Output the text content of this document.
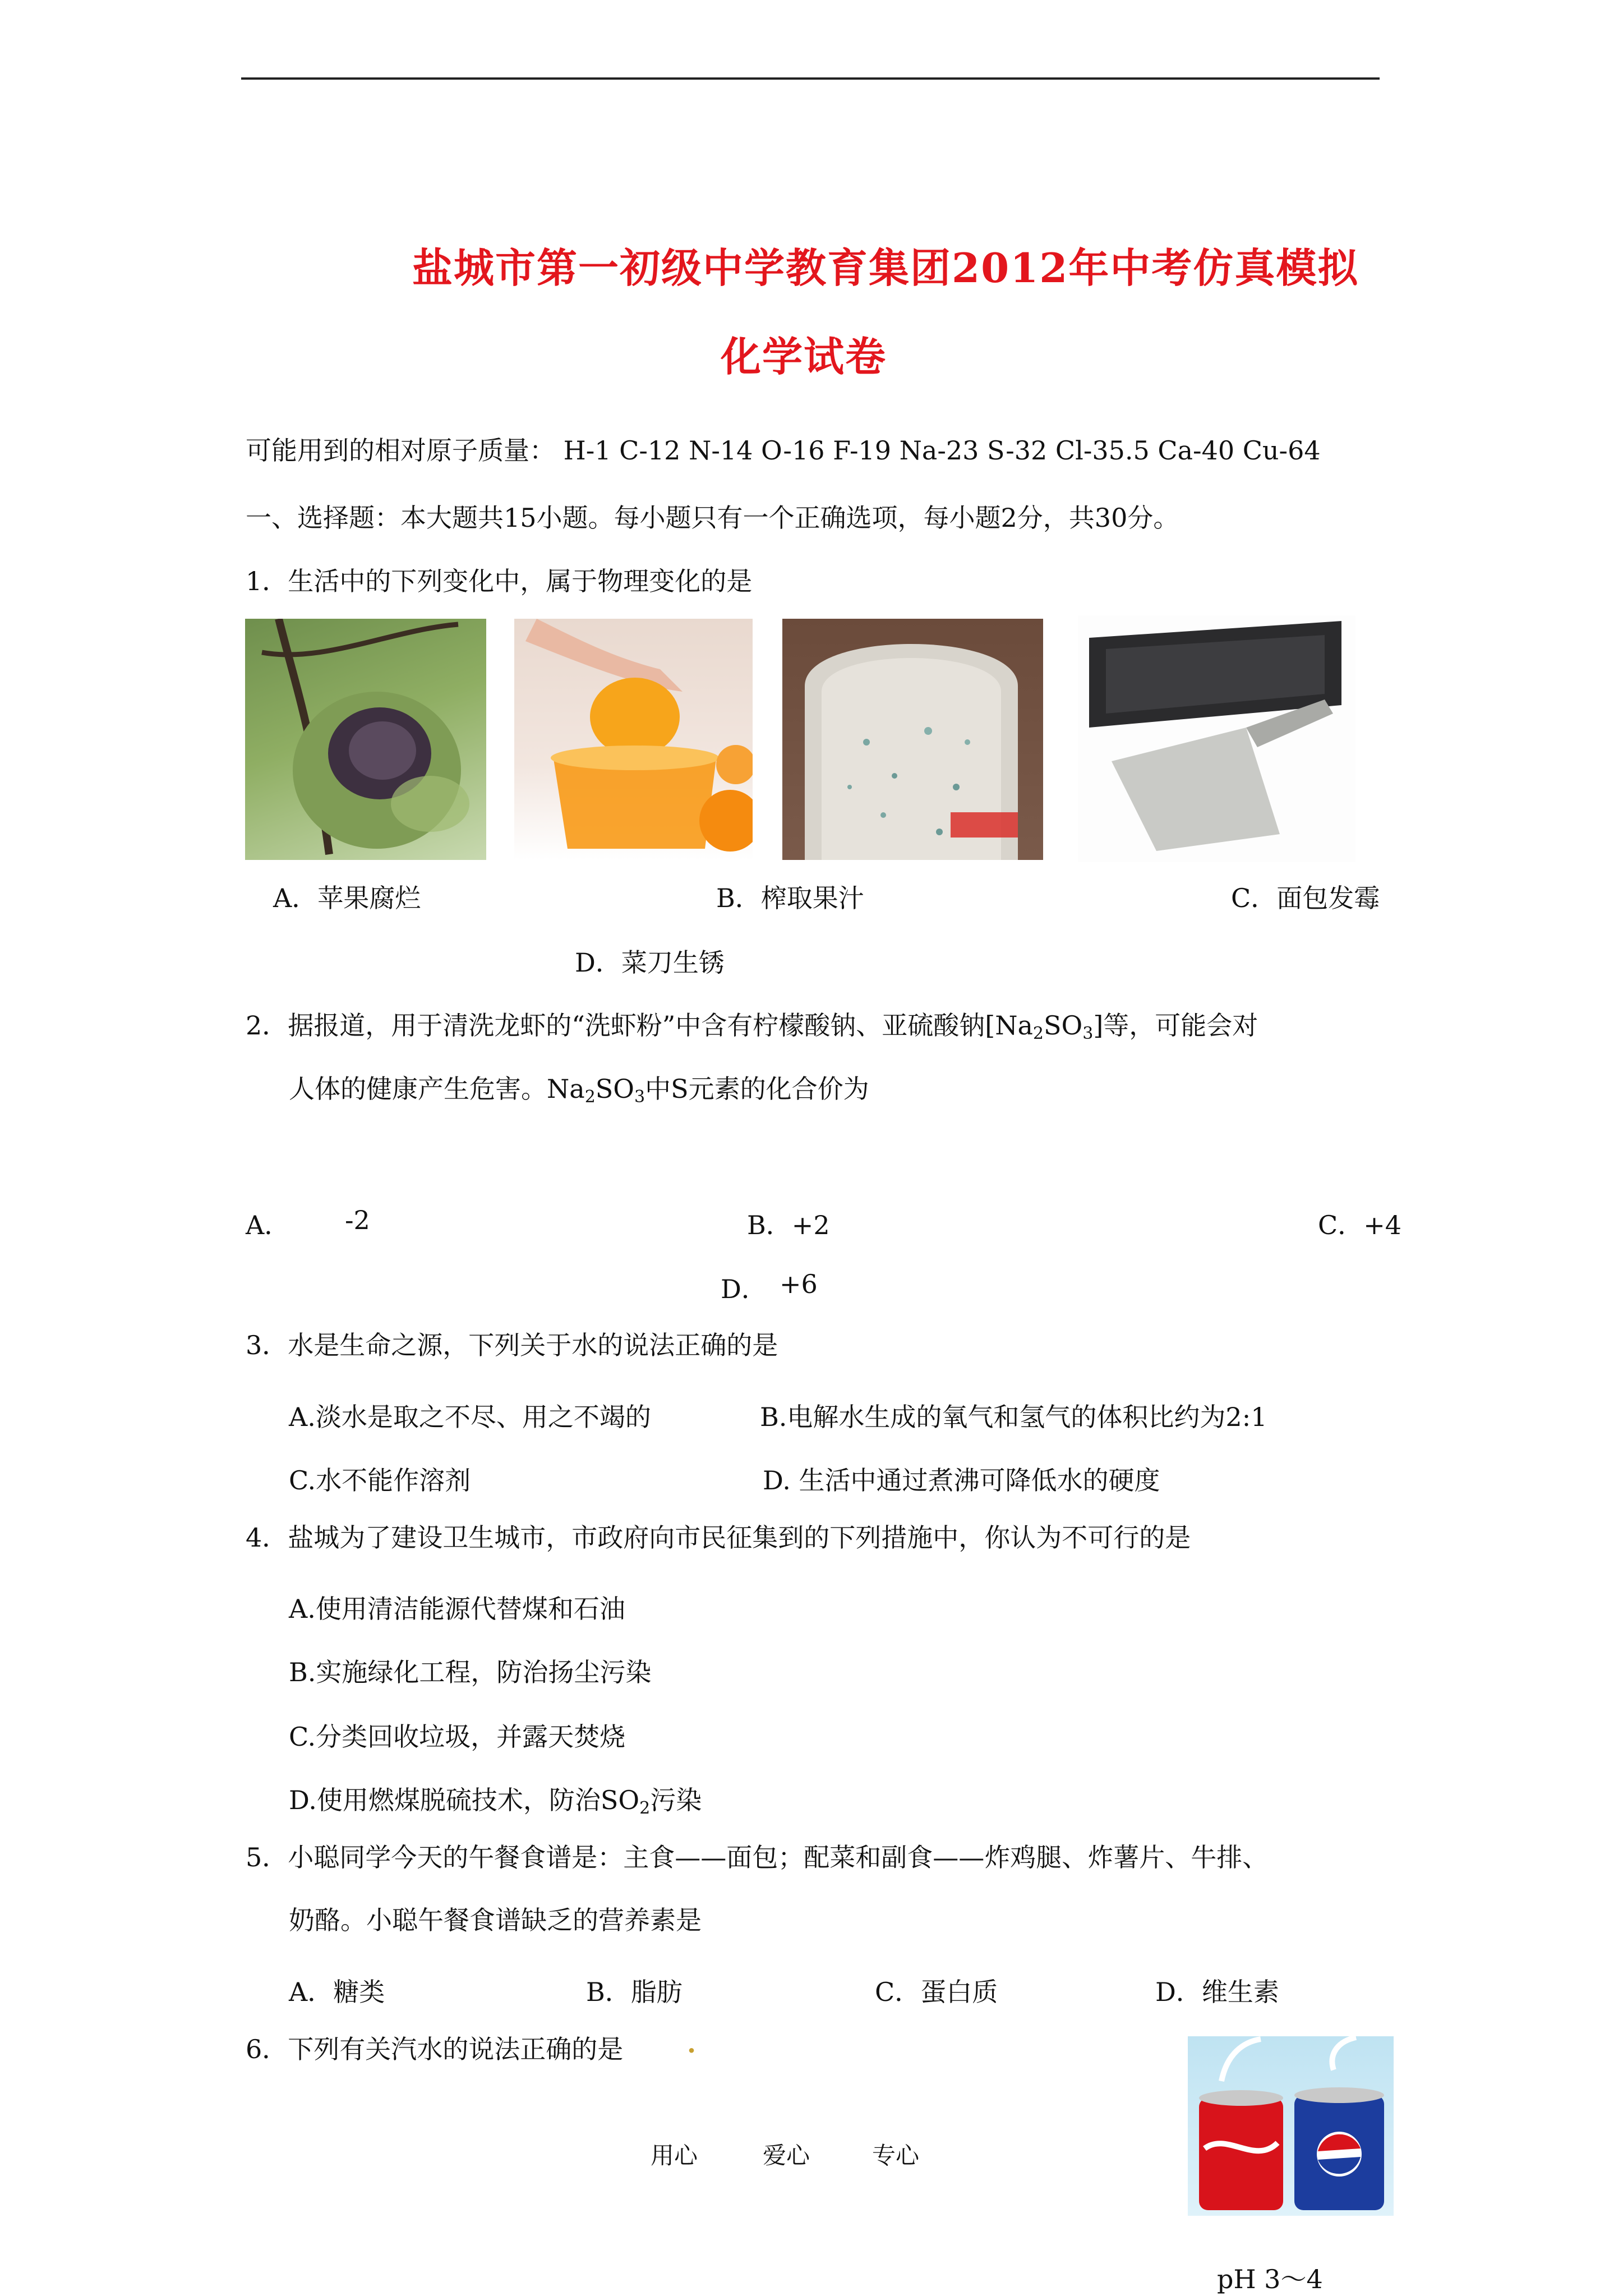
盐城市第一初级中学教育集团2012年中考仿真模拟
化学试卷
可能用到的相对原子质量： H-1 C-12 N-14 O-16 F-19 Na-23 S-32 Cl-35.5 Ca-40 Cu-64
一、选择题：本大题共15小题。每小题只有一个正确选项，每小题2分，共30分。
1．生活中的下列变化中，属于物理变化的是
A．苹果腐烂	B．榨取果汁	C．面包发霉
D．菜刀生锈
2．据报道，用于清洗龙虾的“洗虾粉”中含有柠檬酸钠、亚硫酸钠$[Na_2SO_3]$等，可能会对
人体的健康产生危害。$Na_2SO_3$中S元素的化合价为
A． -2	B．+2	C．+4
D． +6
3．水是生命之源，下列关于水的说法正确的是
A.淡水是取之不尽、用之不竭的	B.电解水生成的氧气和氢气的体积比约为2:1
C.水不能作溶剂	D. 生活中通过煮沸可降低水的硬度
4．盐城为了建设卫生城市，市政府向市民征集到的下列措施中，你认为不可行的是
A.使用清洁能源代替煤和石油
B.实施绿化工程，防治扬尘污染
C.分类回收垃圾，并露天焚烧
D.使用燃煤脱硫技术，防治$SO_2$污染
5．小聪同学今天的午餐食谱是：主食——面包；配菜和副食——炸鸡腿、炸薯片、牛排、
奶酪。小聪午餐食谱缺乏的营养素是
A．糖类	B．脂肪	C．蛋白质	D．维生素
6．下列有关汽水的说法正确的是 .
pH 3～4
用心	爱心	专心
